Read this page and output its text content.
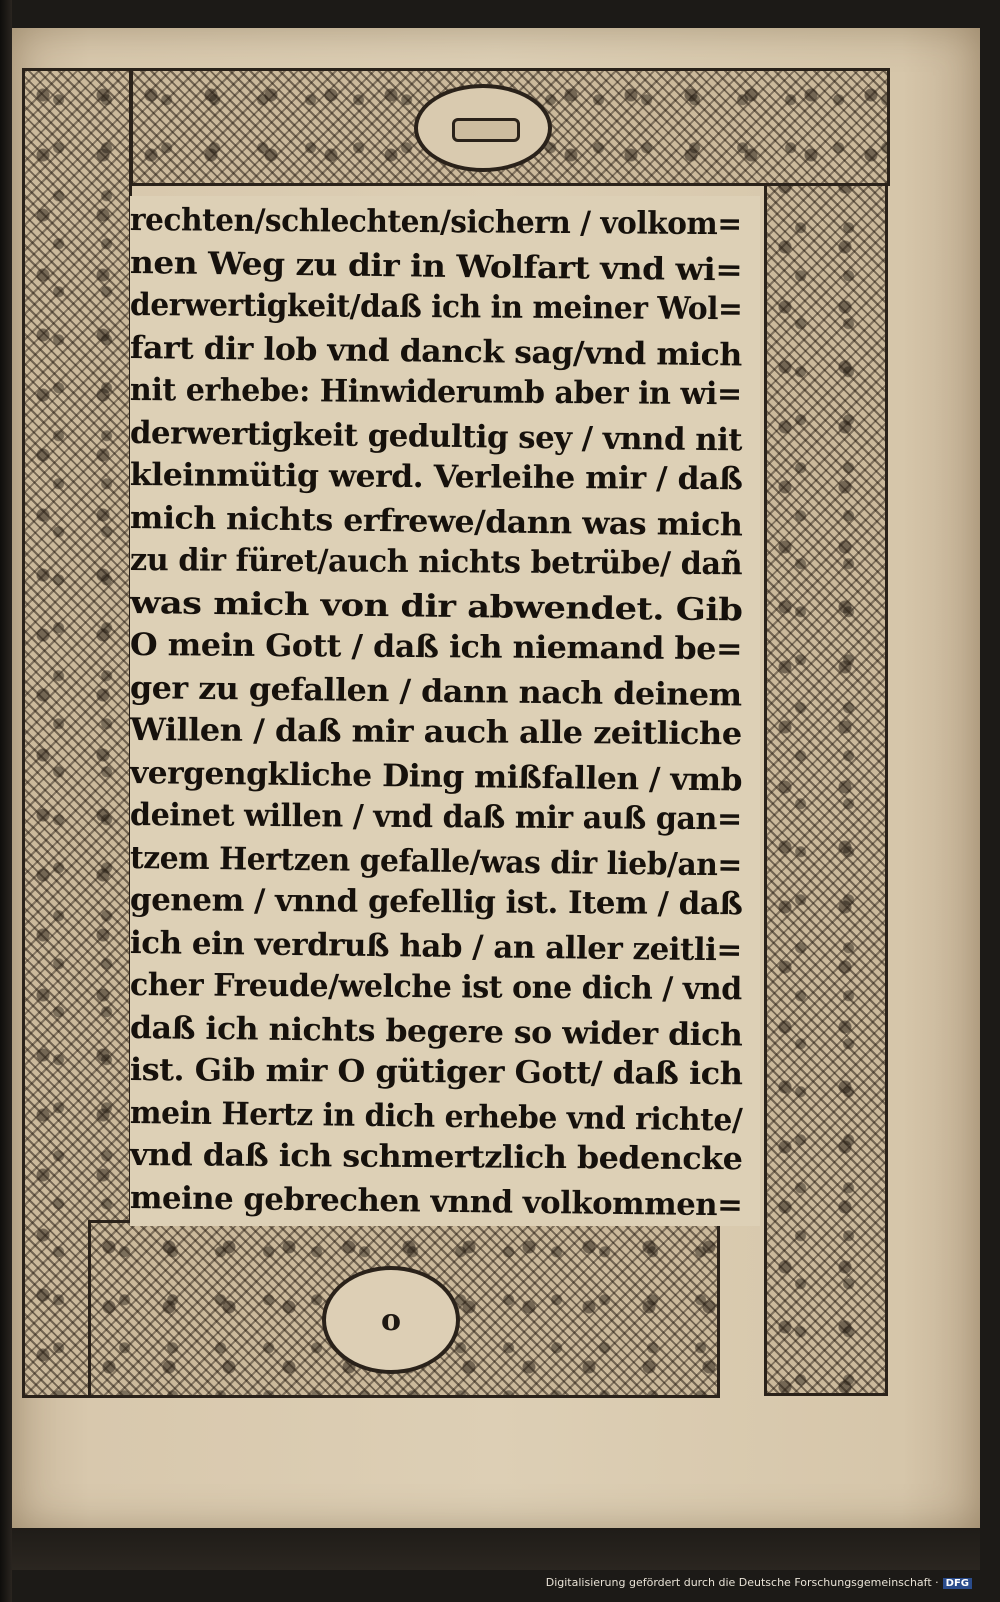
o
rechten/schlechten/sichern / volkom=
nen Weg zu dir in Wolfart vnd wi=
derwertigkeit/daß ich in meiner Wol=
fart dir lob vnd danck sag/vnd mich
nit erhebe: Hinwiderumb aber in wi=
derwertigkeit gedultig sey / vnnd nit
kleinmütig werd. Verleihe mir / daß
mich nichts erfrewe/dann was mich
zu dir füret/auch nichts betrübe/ dañ
was mich von dir abwendet. Gib
O mein Gott / daß ich niemand be=
ger zu gefallen / dann nach deinem
Willen / daß mir auch alle zeitliche
vergengkliche Ding mißfallen / vmb
deinet willen / vnd daß mir auß gan=
tzem Hertzen gefalle/was dir lieb/an=
genem / vnnd gefellig ist. Item / daß
ich ein verdruß hab / an aller zeitli=
cher Freude/welche ist one dich / vnd
daß ich nichts begere so wider dich
ist. Gib mir O gütiger Gott/ daß ich
mein Hertz in dich erhebe vnd richte/
vnd daß ich schmertzlich bedencke
meine gebrechen vnnd volkommen=
Digitalisierung gefördert durch die Deutsche Forschungsgemeinschaft · DFG
